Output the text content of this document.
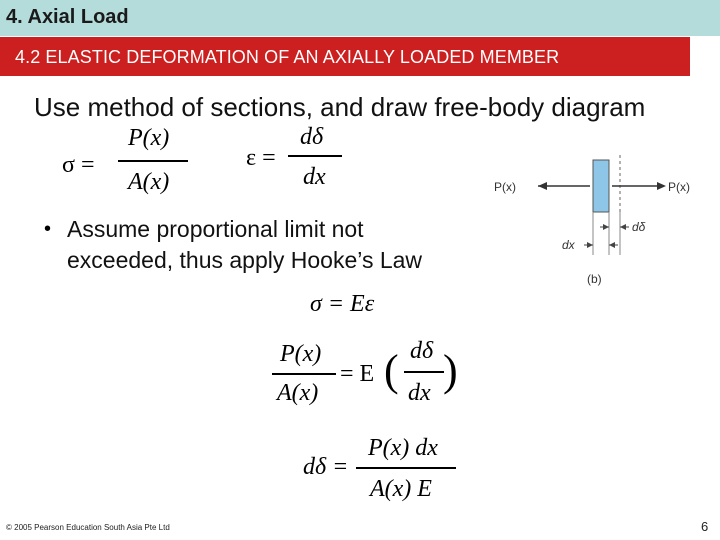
4. Axial Load
4.2 ELASTIC DEFORMATION OF AN AXIALLY LOADED MEMBER
Use method of sections, and draw free-body diagram
σ =
P(x)
A(x)
ε =
dδ
dx
• Assume proportional limit not
exceeded, thus apply Hooke’s Law
P(x)	P(x)
dx
dδ
(b)
σ = Eε
P(x)
A(x)
= E ( dδ
dx )
dδ =
P(x) dx
A(x) E
© 2005 Pearson Education South Asia Pte Ltd	6
